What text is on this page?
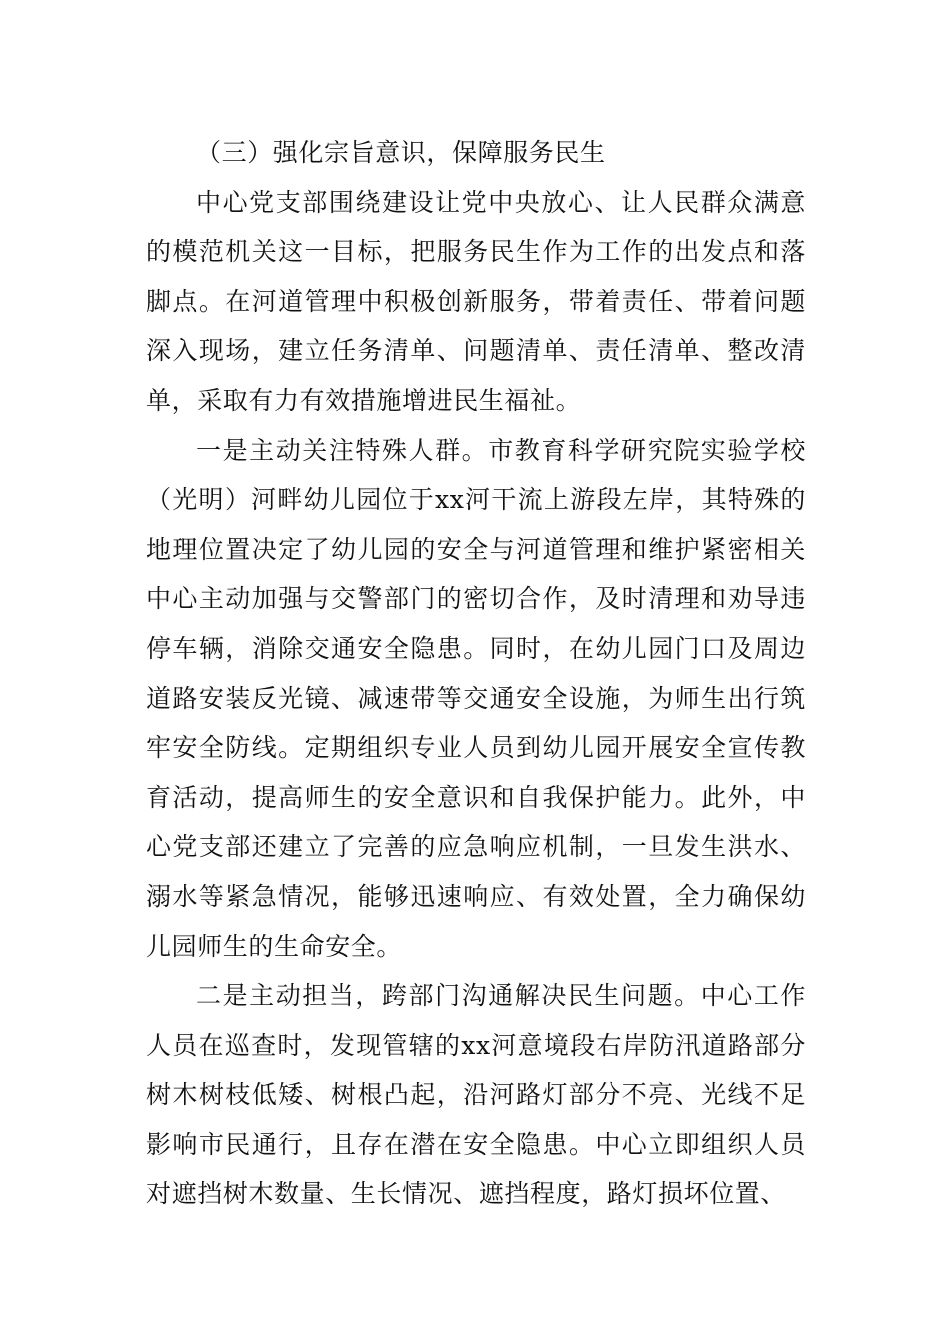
（三）强化宗旨意识，保障服务民生

中心党支部围绕建设让党中央放心、让人民群众满意的模范机关这一目标，把服务民生作为工作的出发点和落脚点。在河道管理中积极创新服务，带着责任、带着问题深入现场，建立任务清单、问题清单、责任清单、整改清单，采取有力有效措施增进民生福祉。

一是主动关注特殊人群。市教育科学研究院实验学校（光明）河畔幼儿园位于xx河干流上游段左岸，其特殊的地理位置决定了幼儿园的安全与河道管理和维护紧密相关中心主动加强与交警部门的密切合作，及时清理和劝导违停车辆，消除交通安全隐患。同时，在幼儿园门口及周边道路安装反光镜、减速带等交通安全设施，为师生出行筑牢安全防线。定期组织专业人员到幼儿园开展安全宣传教育活动，提高师生的安全意识和自我保护能力。此外，中心党支部还建立了完善的应急响应机制，一旦发生洪水、溺水等紧急情况，能够迅速响应、有效处置，全力确保幼儿园师生的生命安全。

二是主动担当，跨部门沟通解决民生问题。中心工作人员在巡查时，发现管辖的xx河意境段右岸防汛道路部分树木树枝低矮、树根凸起，沿河路灯部分不亮、光线不足影响市民通行，且存在潜在安全隐患。中心立即组织人员对遮挡树木数量、生长情况、遮挡程度，路灯损坏位置、
